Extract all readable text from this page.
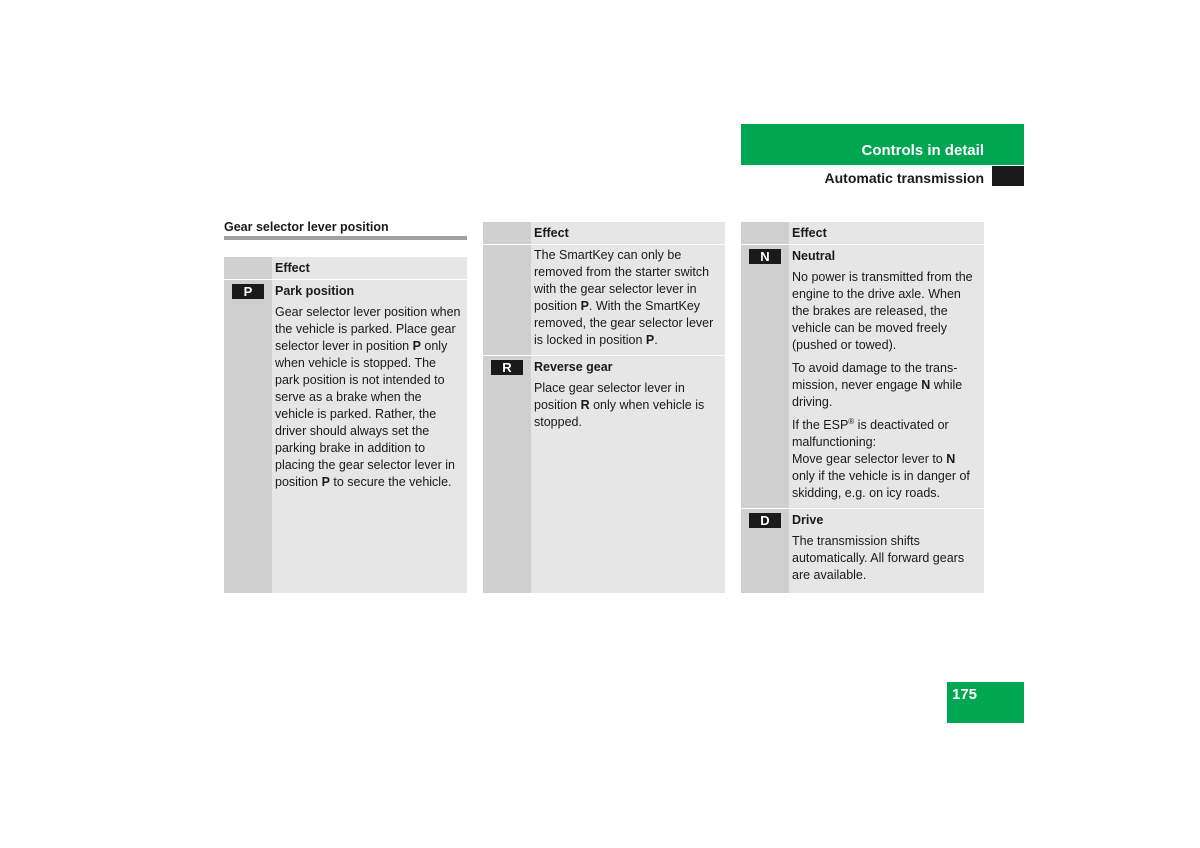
Controls in detail
Automatic transmission
Gear selector lever position
Effect
P	Park position
Gear selector lever position when the vehicle is parked. Place gear selector lever in position P only when vehicle is stopped. The park position is not intended to serve as a brake when the vehicle is parked. Rather, the driver should always set the parking brake in addition to placing the gear selector lever in position P to secure the vehicle.
Effect
The SmartKey can only be removed from the starter switch with the gear selector lever in position P. With the SmartKey removed, the gear selector lever is locked in position P.
R	Reverse gear
Place gear selector lever in position R only when vehicle is stopped.
Effect
N	Neutral

No power is transmitted from the engine to the drive axle. When the brakes are released, the vehicle can be moved freely (pushed or towed).

To avoid damage to the trans-mission, never engage N while driving.

If the ESP® is deactivated or malfunctioning:
Move gear selector lever to N only if the vehicle is in danger of skidding, e.g. on icy roads.

D	Drive
The transmission shifts automatically. All forward gears are available.
175
